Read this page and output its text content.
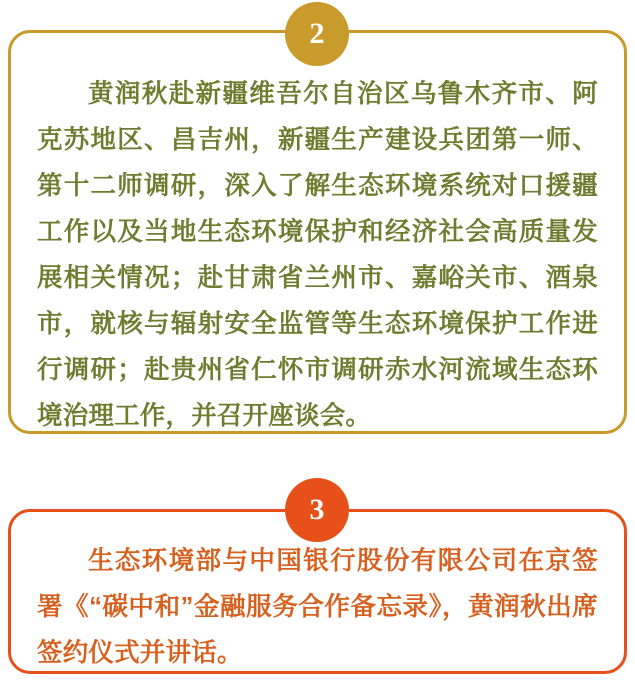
2

黄润秋赴新疆维吾尔自治区乌鲁木齐市、阿克苏地区、昌吉州，新疆生产建设兵团第一师、第十二师调研，深入了解生态环境系统对口援疆工作以及当地生态环境保护和经济社会高质量发展相关情况；赴甘肃省兰州市、嘉峪关市、酒泉市，就核与辐射安全监管等生态环境保护工作进行调研；赴贵州省仁怀市调研赤水河流域生态环境治理工作，并召开座谈会。

3

生态环境部与中国银行股份有限公司在京签署《“碳中和”金融服务合作备忘录》，黄润秋出席签约仪式并讲话。
